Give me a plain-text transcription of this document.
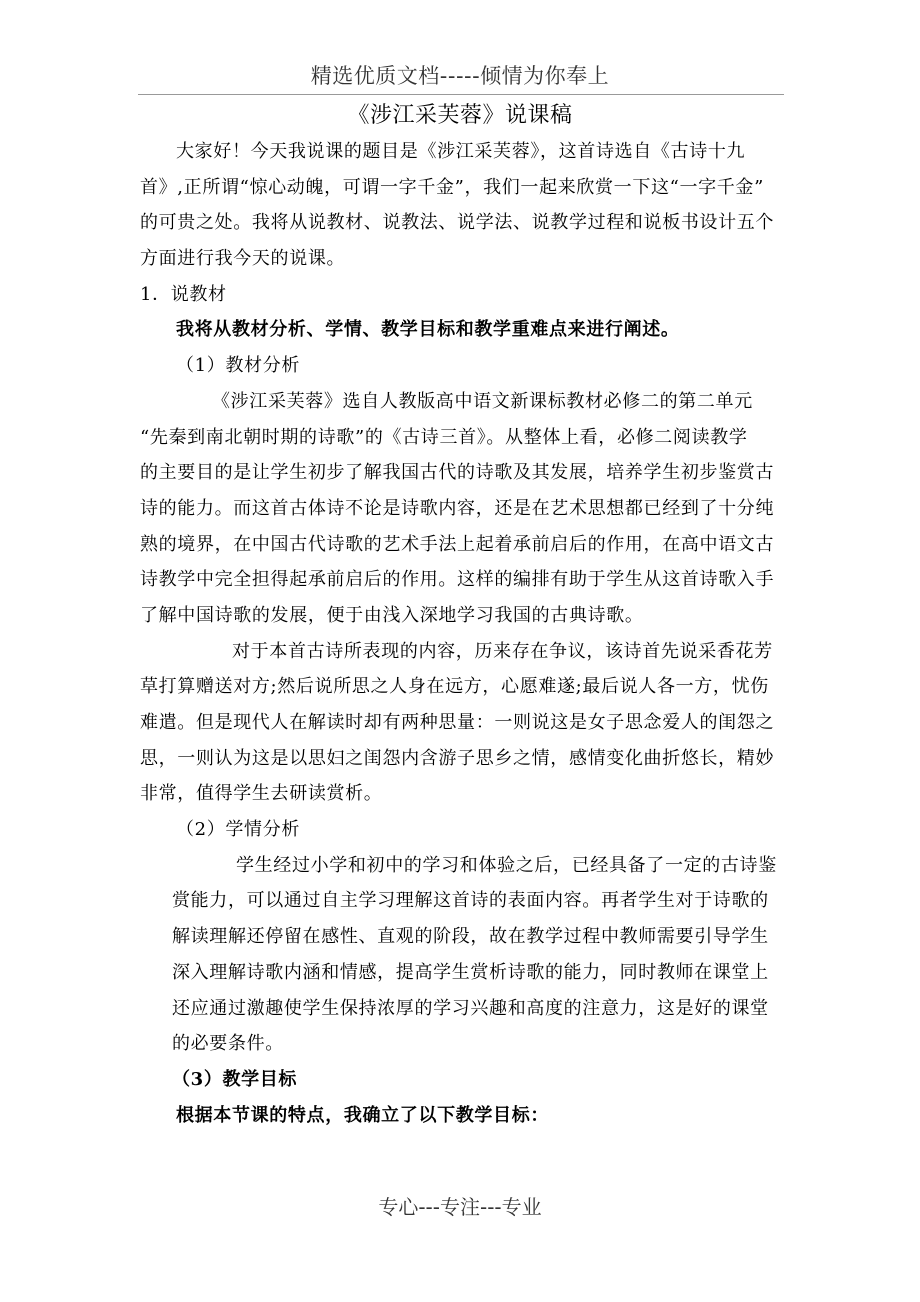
精选优质文档-----倾情为你奉上
《涉江采芙蓉》说课稿
大家好！今天我说课的题目是《涉江采芙蓉》，这首诗选自《古诗十九
首》,正所谓“惊心动魄，可谓一字千金”，我们一起来欣赏一下这“一字千金”
的可贵之处。我将从说教材、说教法、说学法、说教学过程和说板书设计五个
方面进行我今天的说课。
1．说教材
我将从教材分析、学情、教学目标和教学重难点来进行阐述。
（1）教材分析
《涉江采芙蓉》选自人教版高中语文新课标教材必修二的第二单元
“先秦到南北朝时期的诗歌”的《古诗三首》。从整体上看，必修二阅读教学
的主要目的是让学生初步了解我国古代的诗歌及其发展，培养学生初步鉴赏古
诗的能力。而这首古体诗不论是诗歌内容，还是在艺术思想都已经到了十分纯
熟的境界，在中国古代诗歌的艺术手法上起着承前启后的作用，在高中语文古
诗教学中完全担得起承前启后的作用。这样的编排有助于学生从这首诗歌入手
了解中国诗歌的发展，便于由浅入深地学习我国的古典诗歌。
对于本首古诗所表现的内容，历来存在争议，该诗首先说采香花芳
草打算赠送对方;然后说所思之人身在远方，心愿难遂;最后说人各一方，忧伤
难遣。但是现代人在解读时却有两种思量：一则说这是女子思念爱人的闺怨之
思，一则认为这是以思妇之闺怨内含游子思乡之情，感情变化曲折悠长，精妙
非常，值得学生去研读赏析。
（2）学情分析
学生经过小学和初中的学习和体验之后，已经具备了一定的古诗鉴
赏能力，可以通过自主学习理解这首诗的表面内容。再者学生对于诗歌的
解读理解还停留在感性、直观的阶段，故在教学过程中教师需要引导学生
深入理解诗歌内涵和情感，提高学生赏析诗歌的能力，同时教师在课堂上
还应通过激趣使学生保持浓厚的学习兴趣和高度的注意力，这是好的课堂
的必要条件。
（3）教学目标
根据本节课的特点，我确立了以下教学目标：
专心---专注---专业
